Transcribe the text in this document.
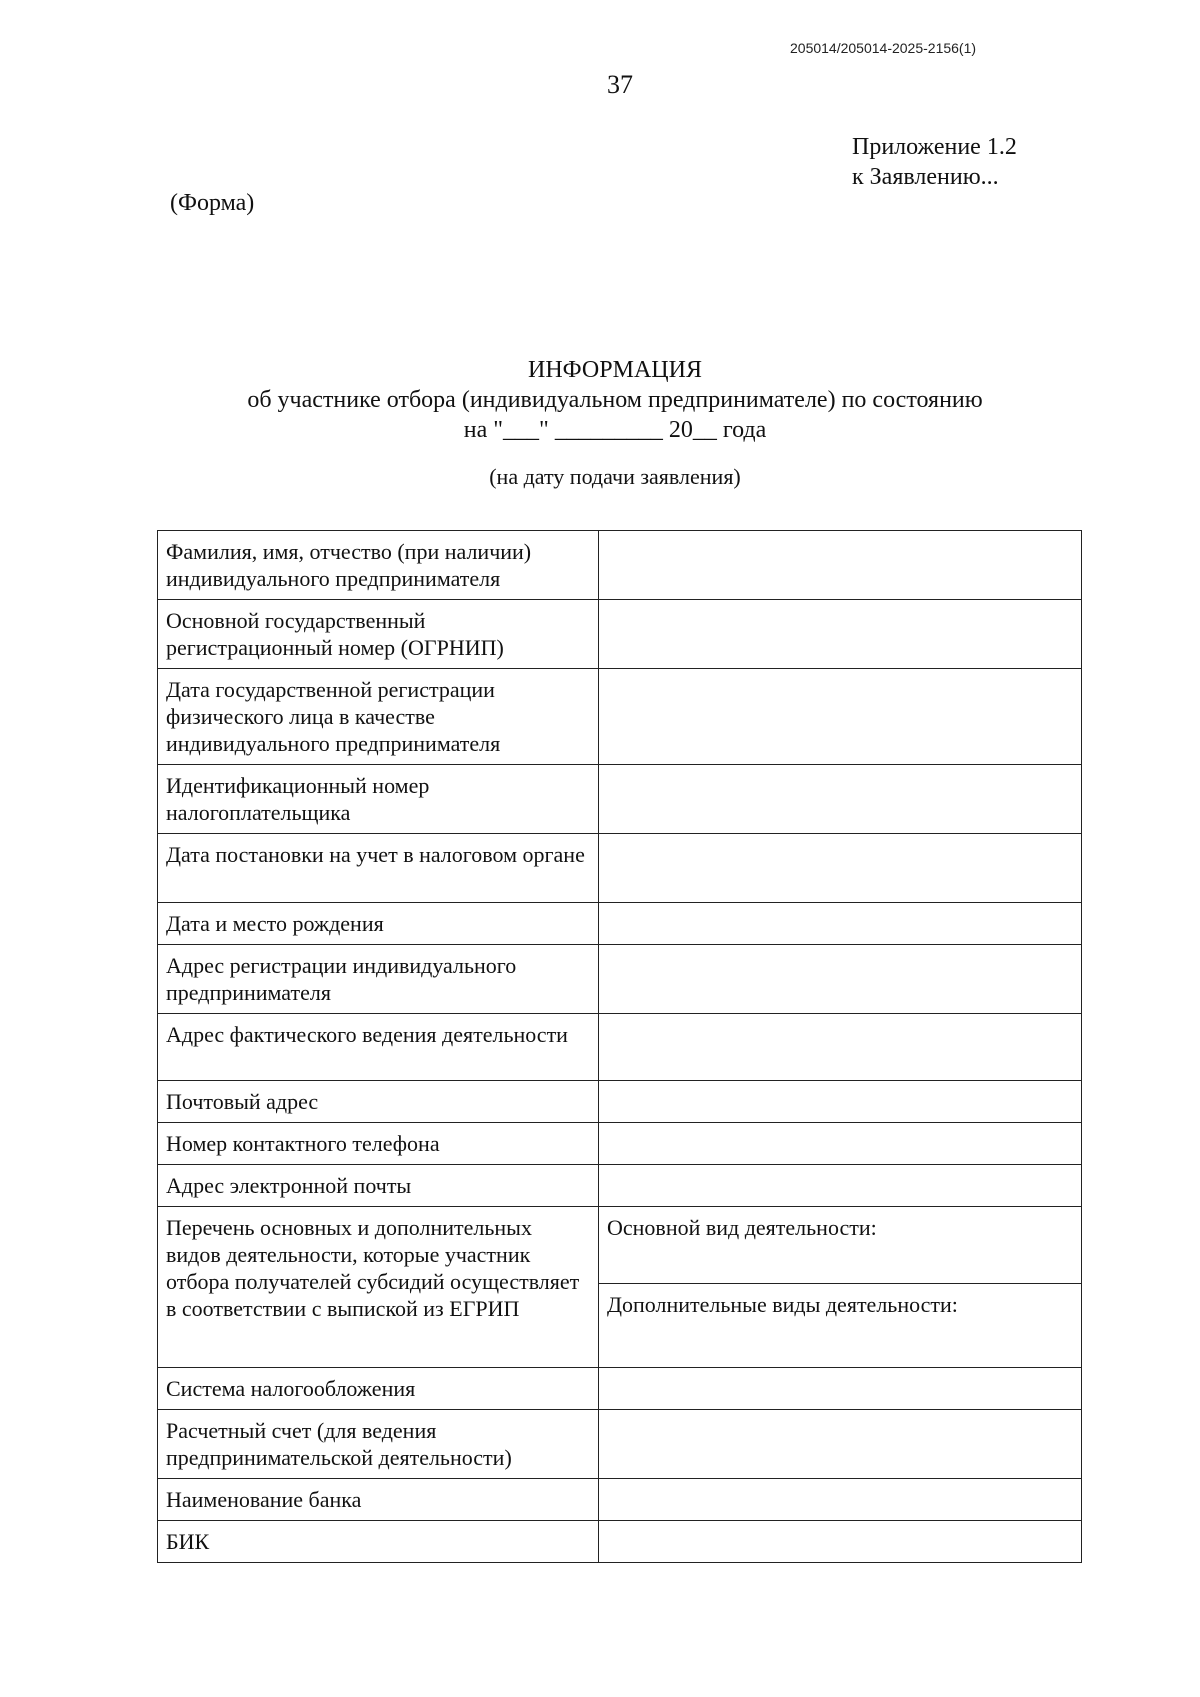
205014/205014-2025-2156(1)
37
Приложение 1.2
к Заявлению...
(Форма)
ИНФОРМАЦИЯ
об участнике отбора (индивидуальном предпринимателе) по состоянию
на "___" _________ 20__ года
(на дату подачи заявления)
Фамилия, имя, отчество (при наличии) индивидуального предпринимателя	
Основной государственный регистрационный номер (ОГРНИП)	
Дата государственной регистрации физического лица в качестве индивидуального предпринимателя	
Идентификационный номер налогоплательщика	
Дата постановки на учет в налоговом органе	
Дата и место рождения	
Адрес регистрации индивидуального предпринимателя	
Адрес фактического ведения деятельности	
Почтовый адрес	
Номер контактного телефона	
Адрес электронной почты	
Перечень основных и дополнительных видов деятельности, которые участник отбора получателей субсидий осуществляет в соответствии с выпиской из ЕГРИП	Основной вид деятельности:
Дополнительные виды деятельности:

Система налогообложения	
Расчетный счет (для ведения предпринимательской деятельности)	
Наименование банка	
БИК	
